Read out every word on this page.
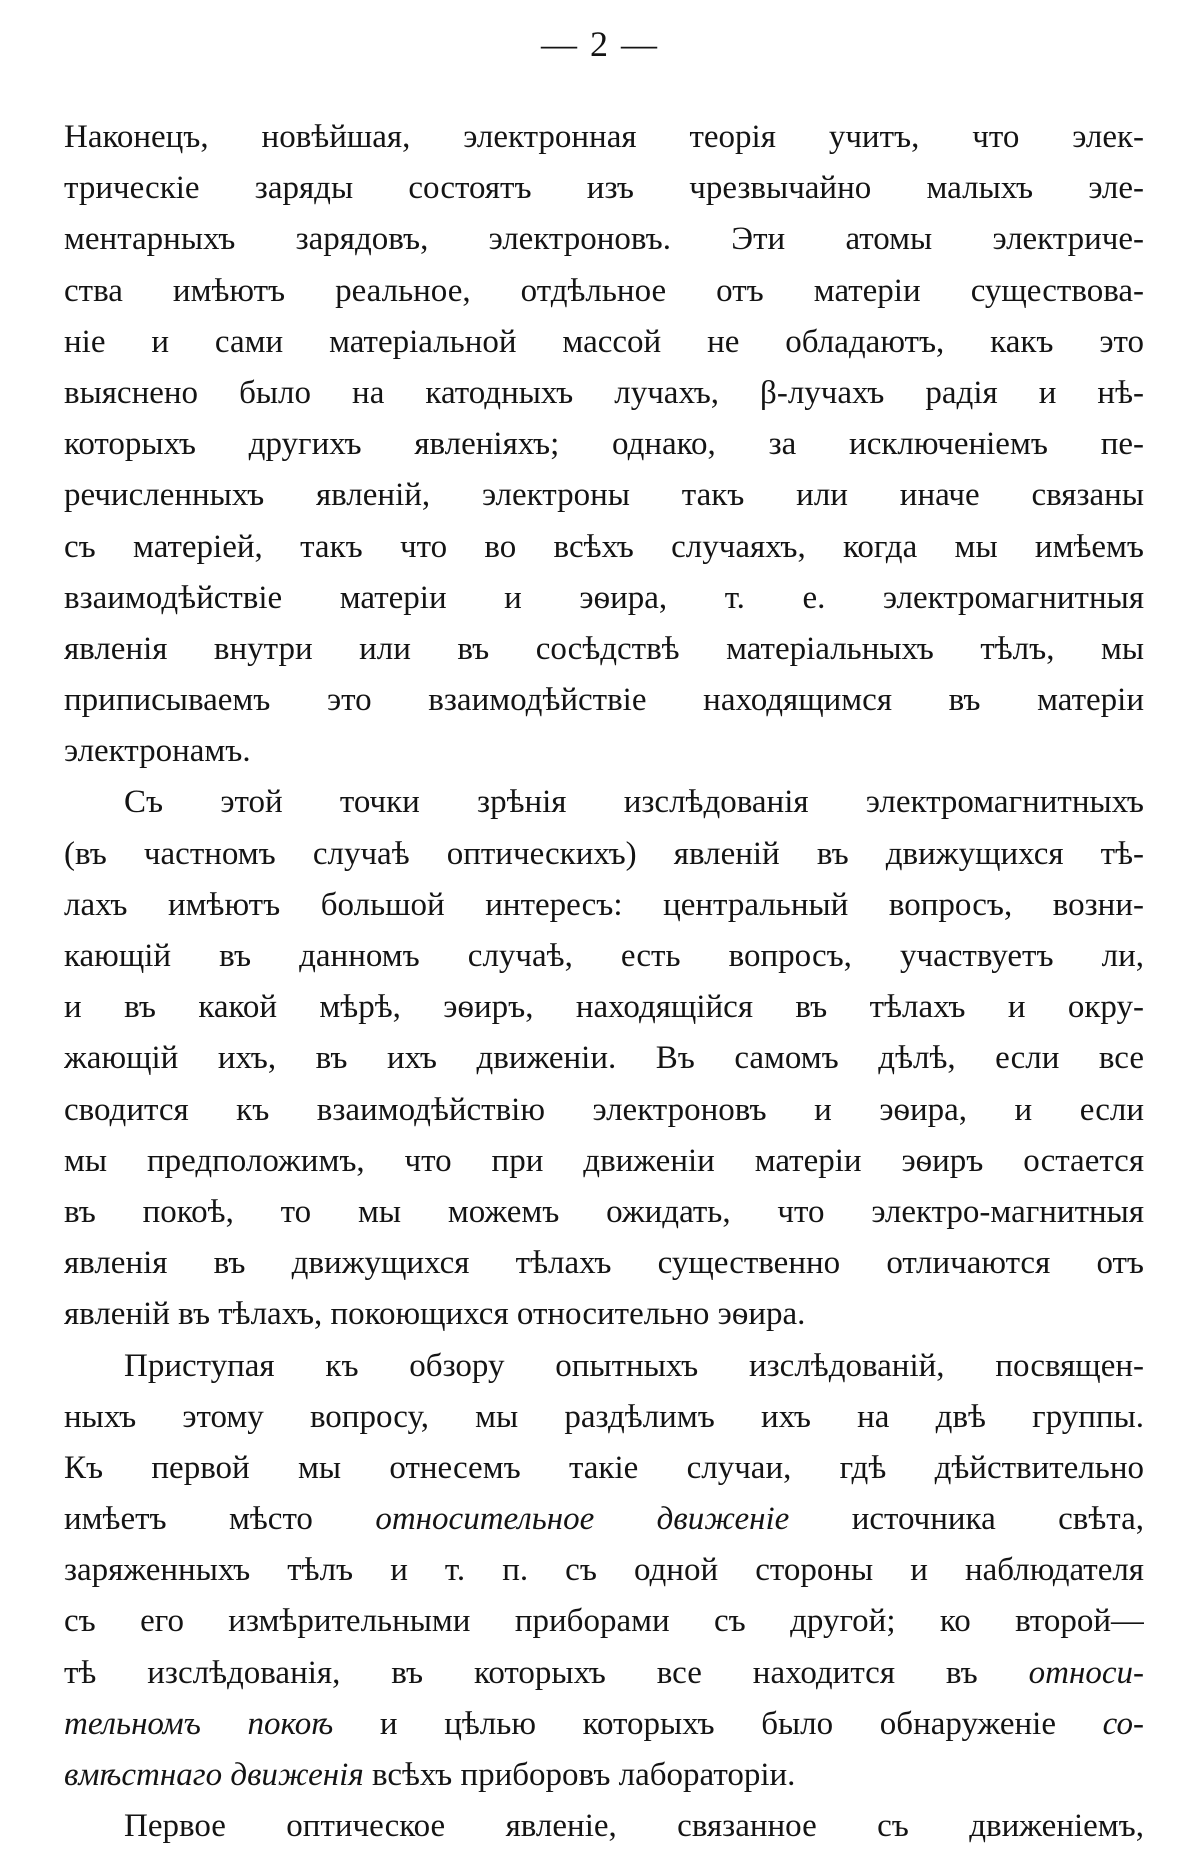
— 2 —
Наконецъ, новѣйшая, электронная теорія учитъ, что элек-
трическіе заряды состоятъ изъ чрезвычайно малыхъ эле-
ментарныхъ зарядовъ, электроновъ. Эти атомы электриче-
ства имѣютъ реальное, отдѣльное отъ матеріи существова-
ніе и сами матеріальной массой не обладаютъ, какъ это
выяснено было на катодныхъ лучахъ, β-лучахъ радія и нѣ-
которыхъ другихъ явленіяхъ; однако, за исключеніемъ пе-
речисленныхъ явленій, электроны такъ или иначе связаны
съ матеріей, такъ что во всѣхъ случаяхъ, когда мы имѣемъ
взаимодѣйствіе матеріи и эѳира, т. е. электромагнитныя
явленія внутри или въ сосѣдствѣ матеріальныхъ тѣлъ, мы
приписываемъ это взаимодѣйствіе находящимся въ матеріи
электронамъ.
Съ этой точки зрѣнія изслѣдованія электромагнитныхъ
(въ частномъ случаѣ оптическихъ) явленій въ движущихся тѣ-
лахъ имѣютъ большой интересъ: центральный вопросъ, возни-
кающій въ данномъ случаѣ, есть вопросъ, участвуетъ ли,
и въ какой мѣрѣ, эѳиръ, находящійся въ тѣлахъ и окру-
жающій ихъ, въ ихъ движеніи. Въ самомъ дѣлѣ, если все
сводится къ взаимодѣйствію электроновъ и эѳира, и если
мы предположимъ, что при движеніи матеріи эѳиръ остается
въ покоѣ, то мы можемъ ожидать, что электро-магнитныя
явленія въ движущихся тѣлахъ существенно отличаются отъ
явленій въ тѣлахъ, покоющихся относительно эѳира.
Приступая къ обзору опытныхъ изслѣдованій, посвящен-
ныхъ этому вопросу, мы раздѣлимъ ихъ на двѣ группы.
Къ первой мы отнесемъ такіе случаи, гдѣ дѣйствительно
имѣетъ мѣсто относительное движеніе источника свѣта,
заряженныхъ тѣлъ и т. п. съ одной стороны и наблюдателя
съ его измѣрительными приборами съ другой; ко второй—
тѣ изслѣдованія, въ которыхъ все находится въ относи-
тельномъ покоѣ и цѣлью которыхъ было обнаруженіе со-
вмѣстнаго движенія всѣхъ приборовъ лабораторіи.
Первое оптическое явленіе, связанное съ движеніемъ,
